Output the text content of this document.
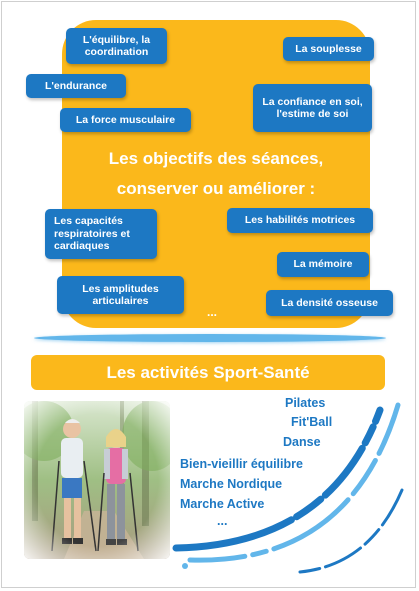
L'équilibre, la coordination	La souplesse
L'endurance
La confiance en soi, l'estime de soi
La force musculaire
Les objectifs des séances,
conserver ou améliorer :
Les capacités respiratoires et cardiaques
Les habilités motrices
La mémoire
Les amplitudes articulaires	La densité osseuse
...
Les activités Sport-Santé
Pilates
Fit'Ball
Danse
Bien-vieillir équilibre
Marche Nordique
Marche Active
...
